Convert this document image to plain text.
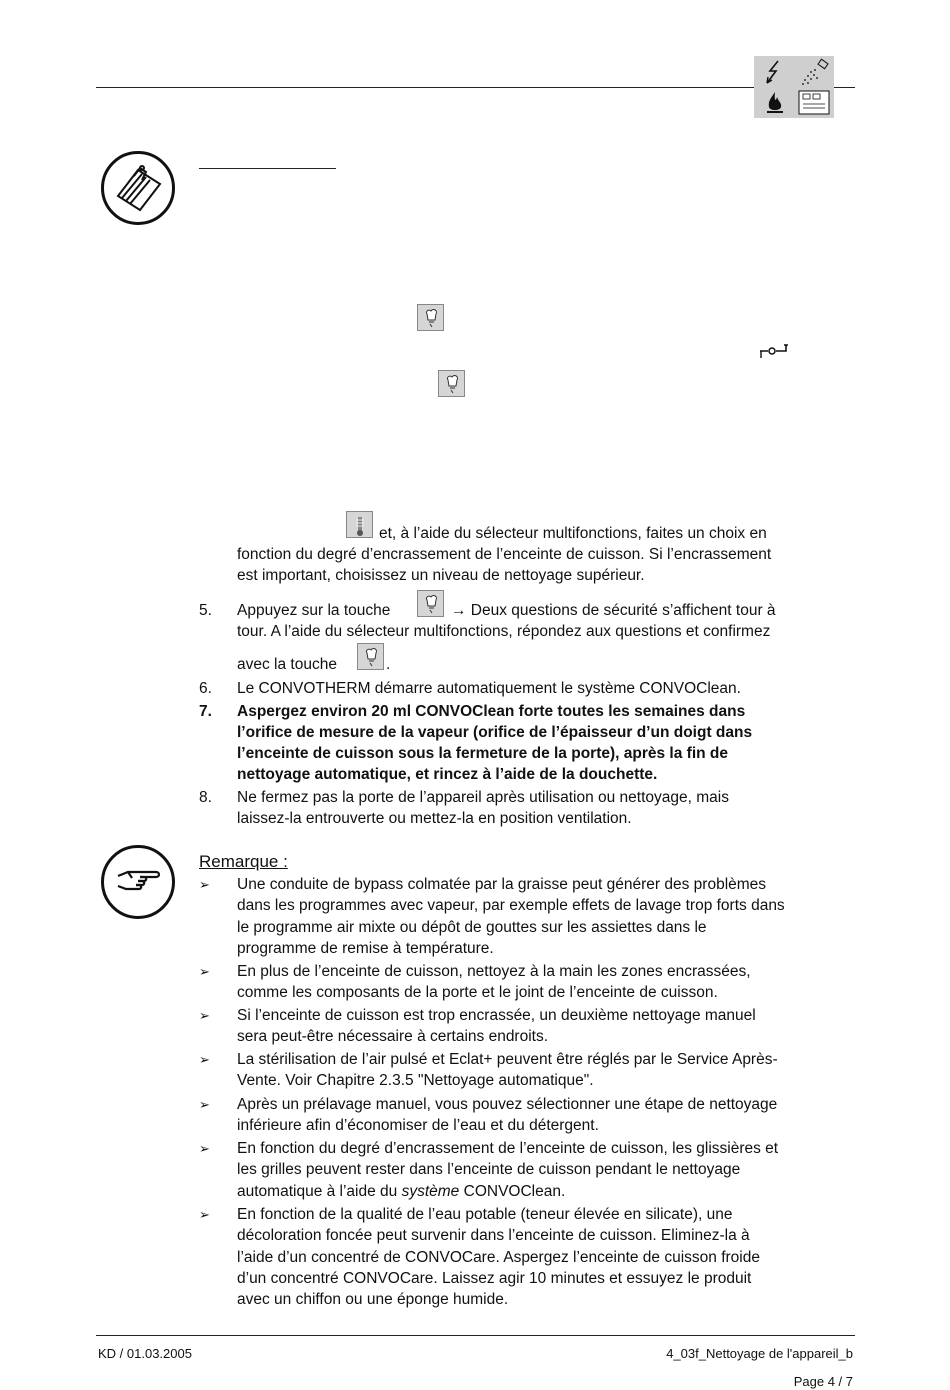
et, à l’aide du sélecteur multifonctions, faites un choix en
fonction du degré d’encrassement de l’enceinte de cuisson. Si l’encrassement
est important, choisissez un niveau de nettoyage supérieur.
5. Appuyez sur la touche	→ Deux questions de sécurité s’affichent tour à
tour. A l’aide du sélecteur multifonctions, répondez aux questions et confirmez
avec la touche	.
6. Le CONVOTHERM démarre automatiquement le système CONVOClean.
7. Aspergez environ 20 ml CONVOClean forte toutes les semaines dans
l’orifice de mesure de la vapeur (orifice de l’épaisseur d’un doigt dans
l’enceinte de cuisson sous la fermeture de la porte), après la fin de
nettoyage automatique, et rincez à l’aide de la douchette.
8. Ne fermez pas la porte de l’appareil après utilisation ou nettoyage, mais
laissez-la entrouverte ou mettez-la en position ventilation.
Remarque :
➢ Une conduite de bypass colmatée par la graisse peut générer des problèmes
dans les programmes avec vapeur, par exemple effets de lavage trop forts dans
le programme air mixte ou dépôt de gouttes sur les assiettes dans le
programme de remise à température.
➢ En plus de l’enceinte de cuisson, nettoyez à la main les zones encrassées,
comme les composants de la porte et le joint de l’enceinte de cuisson.
➢ Si l’enceinte de cuisson est trop encrassée, un deuxième nettoyage manuel
sera peut-être nécessaire à certains endroits.
➢ La stérilisation de l’air pulsé et Eclat+ peuvent être réglés par le Service Après-
Vente. Voir Chapitre 2.3.5 "Nettoyage automatique".
➢ Après un prélavage manuel, vous pouvez sélectionner une étape de nettoyage
inférieure afin d’économiser de l’eau et du détergent.
➢ En fonction du degré d’encrassement de l’enceinte de cuisson, les glissières et
les grilles peuvent rester dans l’enceinte de cuisson pendant le nettoyage
automatique à l’aide du système CONVOClean.
➢ En fonction de la qualité de l’eau potable (teneur élevée en silicate), une
décoloration foncée peut survenir dans l’enceinte de cuisson. Eliminez-la à
l’aide d’un concentré de CONVOCare. Aspergez l’enceinte de cuisson froide
d’un concentré CONVOCare. Laissez agir 10 minutes et essuyez le produit
avec un chiffon ou une éponge humide.
KD / 01.03.2005	4_03f_Nettoyage de l'appareil_b
Page 4 / 7
